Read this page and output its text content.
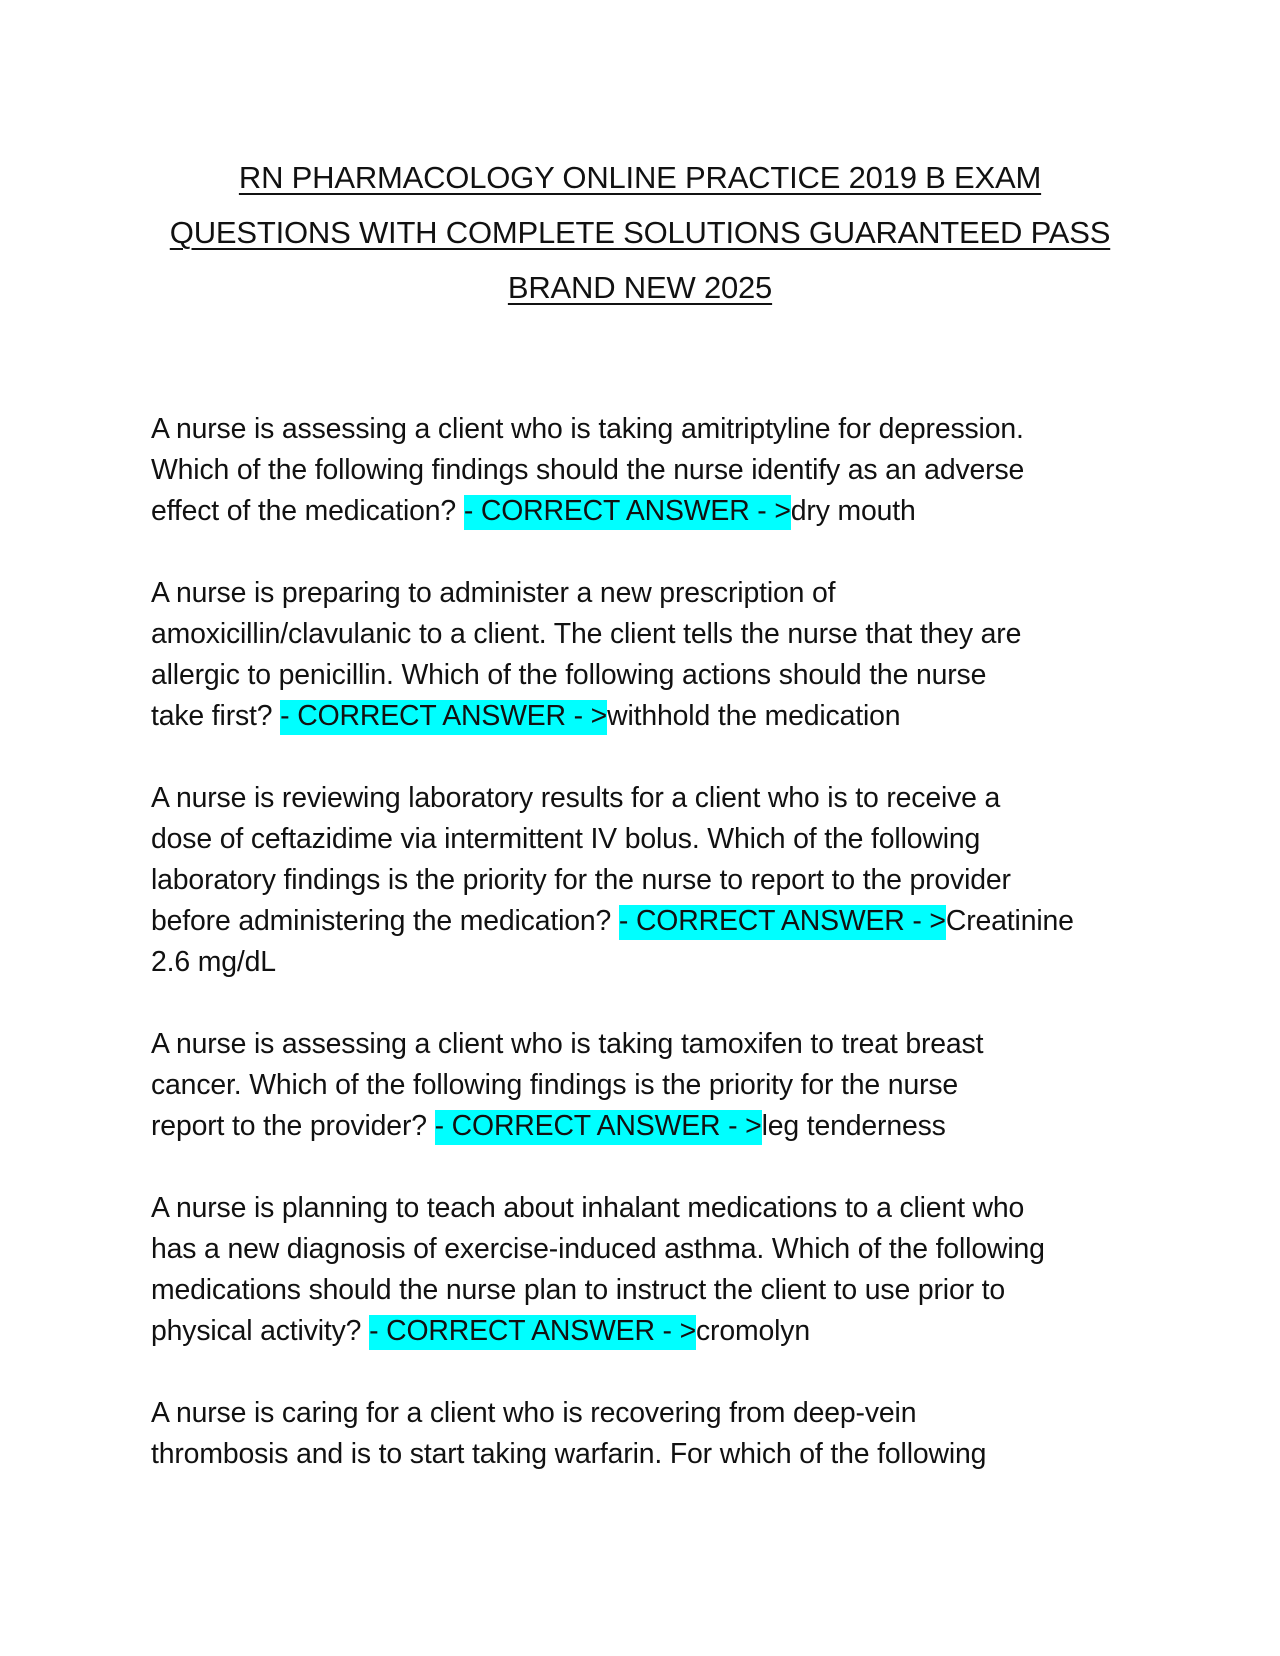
RN PHARMACOLOGY ONLINE PRACTICE 2019 B EXAM
QUESTIONS WITH COMPLETE SOLUTIONS GUARANTEED PASS
BRAND NEW 2025
A nurse is assessing a client who is taking amitriptyline for depression.
Which of the following findings should the nurse identify as an adverse
effect of the medication? - CORRECT ANSWER - >dry mouth
A nurse is preparing to administer a new prescription of
amoxicillin/clavulanic to a client. The client tells the nurse that they are
allergic to penicillin. Which of the following actions should the nurse
take first? - CORRECT ANSWER - >withhold the medication
A nurse is reviewing laboratory results for a client who is to receive a
dose of ceftazidime via intermittent IV bolus. Which of the following
laboratory findings is the priority for the nurse to report to the provider
before administering the medication? - CORRECT ANSWER - >Creatinine
2.6 mg/dL
A nurse is assessing a client who is taking tamoxifen to treat breast
cancer. Which of the following findings is the priority for the nurse
report to the provider? - CORRECT ANSWER - >leg tenderness
A nurse is planning to teach about inhalant medications to a client who
has a new diagnosis of exercise-induced asthma. Which of the following
medications should the nurse plan to instruct the client to use prior to
physical activity? - CORRECT ANSWER - >cromolyn
A nurse is caring for a client who is recovering from deep-vein
thrombosis and is to start taking warfarin. For which of the following
